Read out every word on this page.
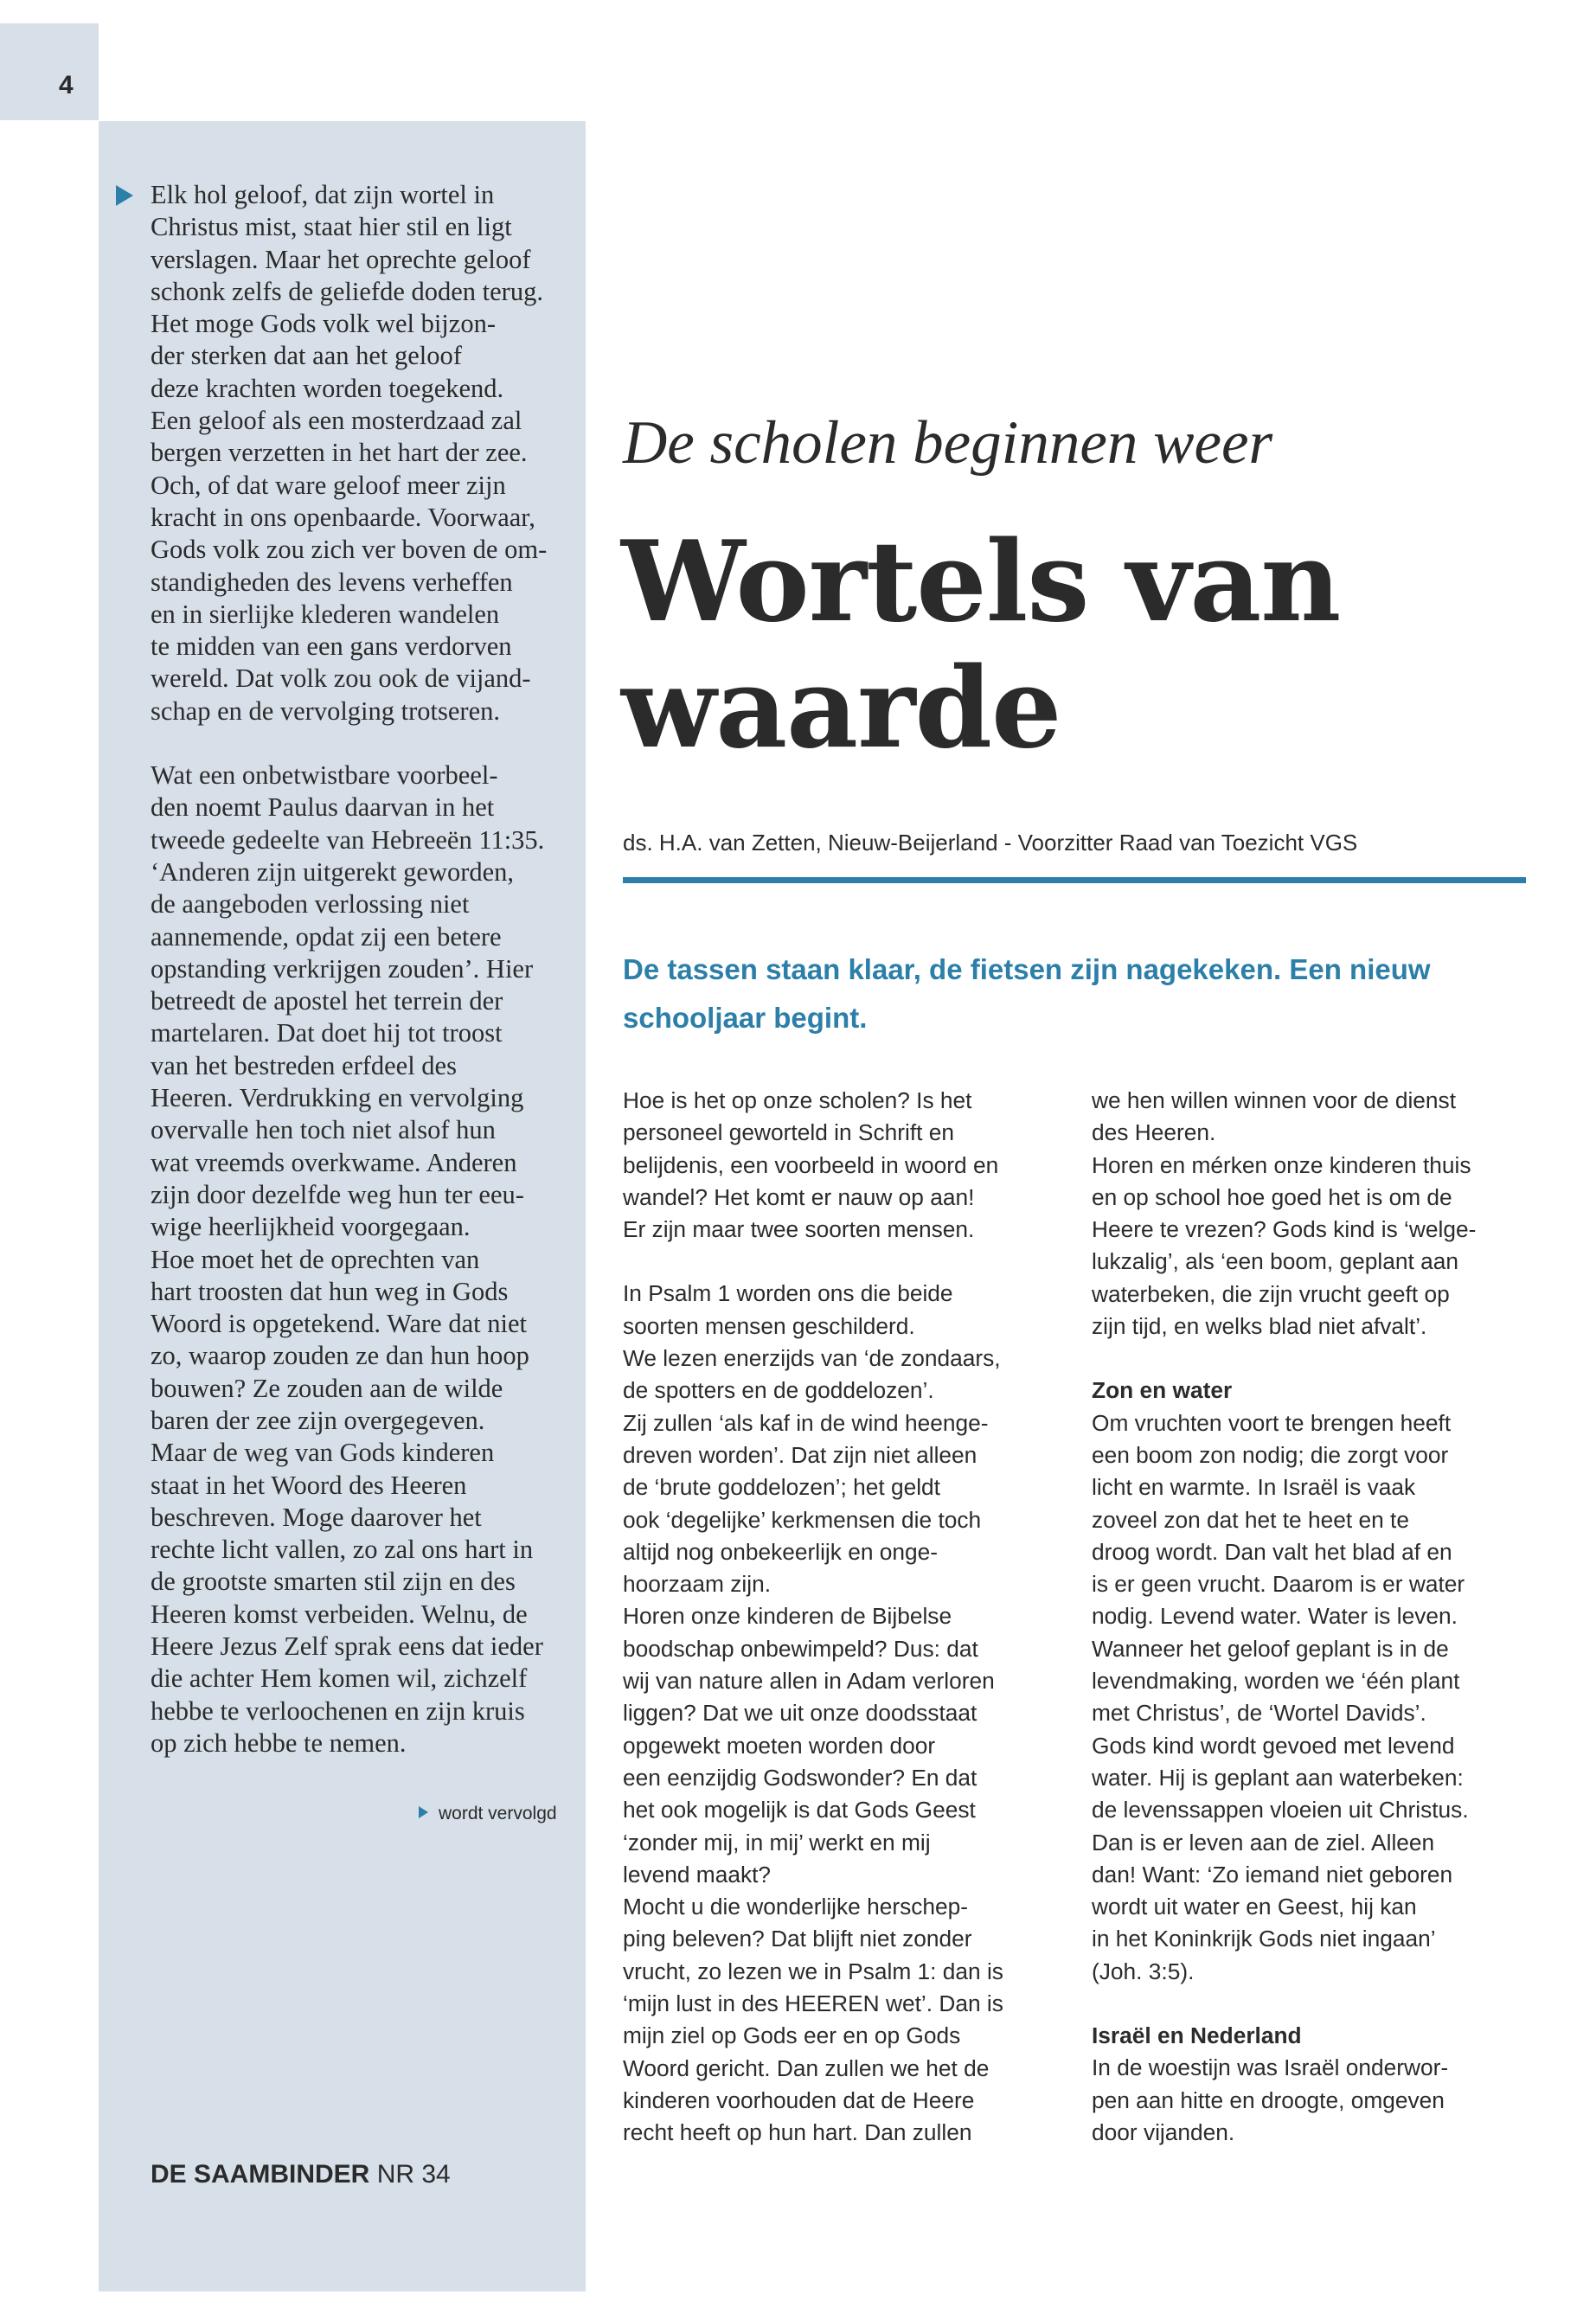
4

Elk hol geloof, dat zijn wortel in
Christus mist, staat hier stil en ligt
verslagen. Maar het oprechte geloof
schonk zelfs de geliefde doden terug.
Het moge Gods volk wel bijzon-
der sterken dat aan het geloof
deze krachten worden toegekend.
Een geloof als een mosterdzaad zal
bergen verzetten in het hart der zee.
Och, of dat ware geloof meer zijn
kracht in ons openbaarde. Voorwaar,
Gods volk zou zich ver boven de om-
standigheden des levens verheffen
en in sierlijke klederen wandelen
te midden van een gans verdorven
wereld. Dat volk zou ook de vijand-
schap en de vervolging trotseren.

Wat een onbetwistbare voorbeel-
den noemt Paulus daarvan in het
tweede gedeelte van Hebreeën 11:35.
‘Anderen zijn uitgerekt geworden,
de aangeboden verlossing niet
aannemende, opdat zij een betere
opstanding verkrijgen zouden’. Hier
betreedt de apostel het terrein der
martelaren. Dat doet hij tot troost
van het bestreden erfdeel des
Heeren. Verdrukking en vervolging
overvalle hen toch niet alsof hun
wat vreemds overkwame. Anderen
zijn door dezelfde weg hun ter eeu-
wige heerlijkheid voorgegaan.
Hoe moet het de oprechten van
hart troosten dat hun weg in Gods
Woord is opgetekend. Ware dat niet
zo, waarop zouden ze dan hun hoop
bouwen? Ze zouden aan de wilde
baren der zee zijn overgegeven.
Maar de weg van Gods kinderen
staat in het Woord des Heeren
beschreven. Moge daarover het
rechte licht vallen, zo zal ons hart in
de grootste smarten stil zijn en des
Heeren komst verbeiden. Welnu, de
Heere Jezus Zelf sprak eens dat ieder
die achter Hem komen wil, zichzelf
hebbe te verloochenen en zijn kruis
op zich hebbe te nemen.

wordt vervolgd
DE SAAMBINDER NR 34
De scholen beginnen weer
Wortels van
waarde
ds. H.A. van Zetten, Nieuw-Beijerland - Voorzitter Raad van Toezicht VGS
De tassen staan klaar, de fietsen zijn nagekeken. Een nieuw
schooljaar begint.

Hoe is het op onze scholen? Is het
personeel geworteld in Schrift en
belijdenis, een voorbeeld in woord en
wandel? Het komt er nauw op aan!
Er zijn maar twee soorten mensen.

In Psalm 1 worden ons die beide
soorten mensen geschilderd.
We lezen enerzijds van ‘de zondaars,
de spotters en de goddelozen’.
Zij zullen ‘als kaf in de wind heenge-
dreven worden’. Dat zijn niet alleen
de ‘brute goddelozen’; het geldt
ook ‘degelijke’ kerkmensen die toch
altijd nog onbekeerlijk en onge-
hoorzaam zijn.
Horen onze kinderen de Bijbelse
boodschap onbewimpeld? Dus: dat
wij van nature allen in Adam verloren
liggen? Dat we uit onze doodsstaat
opgewekt moeten worden door
een eenzijdig Godswonder? En dat
het ook mogelijk is dat Gods Geest
‘zonder mij, in mij’ werkt en mij
levend maakt?
Mocht u die wonderlijke herschep-
ping beleven? Dat blijft niet zonder
vrucht, zo lezen we in Psalm 1: dan is
‘mijn lust in des HEEREN wet’. Dan is
mijn ziel op Gods eer en op Gods
Woord gericht. Dan zullen we het de
kinderen voorhouden dat de Heere
recht heeft op hun hart. Dan zullen

we hen willen winnen voor de dienst
des Heeren.
Horen en mérken onze kinderen thuis
en op school hoe goed het is om de
Heere te vrezen? Gods kind is ‘welge-
lukzalig’, als ‘een boom, geplant aan
waterbeken, die zijn vrucht geeft op
zijn tijd, en welks blad niet afvalt’.

Zon en water

Om vruchten voort te brengen heeft
een boom zon nodig; die zorgt voor
licht en warmte. In Israël is vaak
zoveel zon dat het te heet en te
droog wordt. Dan valt het blad af en
is er geen vrucht. Daarom is er water
nodig. Levend water. Water is leven.
Wanneer het geloof geplant is in de
levendmaking, worden we ‘één plant
met Christus’, de ‘Wortel Davids’.
Gods kind wordt gevoed met levend
water. Hij is geplant aan waterbeken:
de levenssappen vloeien uit Christus.
Dan is er leven aan de ziel. Alleen
dan! Want: ‘Zo iemand niet geboren
wordt uit water en Geest, hij kan
in het Koninkrijk Gods niet ingaan’
(Joh. 3:5).

Israël en Nederland

In de woestijn was Israël onderwor-
pen aan hitte en droogte, omgeven
door vijanden.
